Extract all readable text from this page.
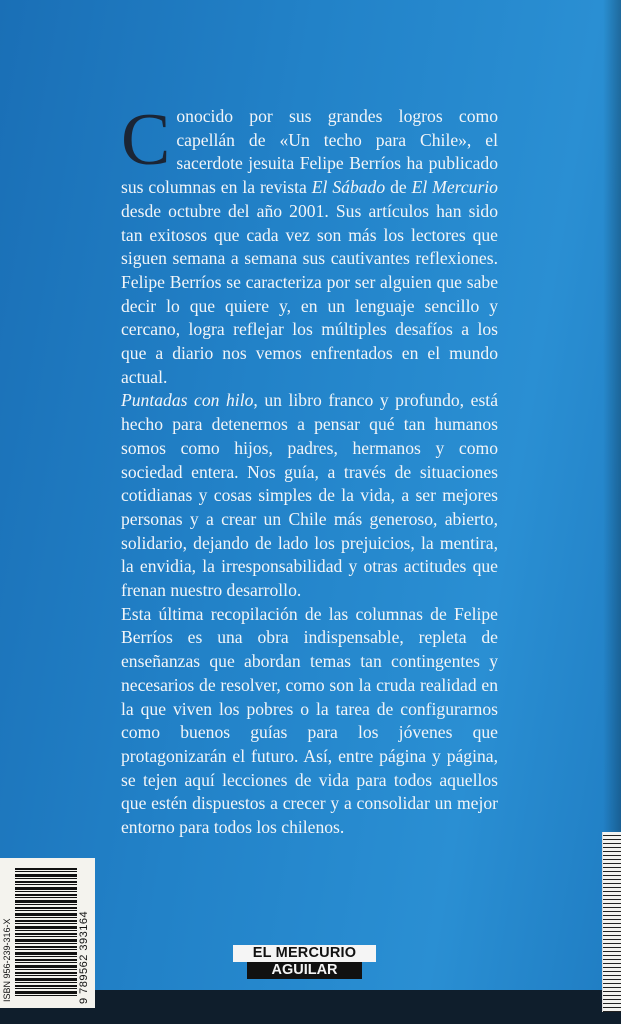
C onocido por sus grandes logros como capellán de «Un techo para Chile», el sacerdote jesuita Felipe Berríos ha publicado sus columnas en la revista El Sábado de El Mercurio desde octubre del año 2001. Sus artículos han sido tan exitosos que cada vez son más los lectores que siguen semana a semana sus cautivantes reflexiones. Felipe Berríos se caracteriza por ser alguien que sabe decir lo que quiere y, en un lenguaje sencillo y cercano, logra reflejar los múltiples desafíos a los que a diario nos vemos enfrentados en el mundo actual.

Puntadas con hilo, un libro franco y profundo, está hecho para detenernos a pensar qué tan humanos somos como hijos, padres, hermanos y como sociedad entera. Nos guía, a través de situaciones cotidianas y cosas simples de la vida, a ser mejores personas y a crear un Chile más generoso, abierto, solidario, dejando de lado los prejuicios, la mentira, la envidia, la irresponsabilidad y otras actitudes que frenan nuestro desarrollo.

Esta última recopilación de las columnas de Felipe Berríos es una obra indispensable, repleta de enseñanzas que abordan temas tan contingentes y necesarios de resolver, como son la cruda realidad en la que viven los pobres o la tarea de configurarnos como buenos guías para los jóvenes que protagonizarán el futuro. Así, entre página y página, se tejen aquí lecciones de vida para todos aquellos que estén dispuestos a crecer y a consolidar un mejor entorno para todos los chilenos.

ISBN 956-239-316-X	9 789562 393164	EL MERCURIO
AGUILAR
